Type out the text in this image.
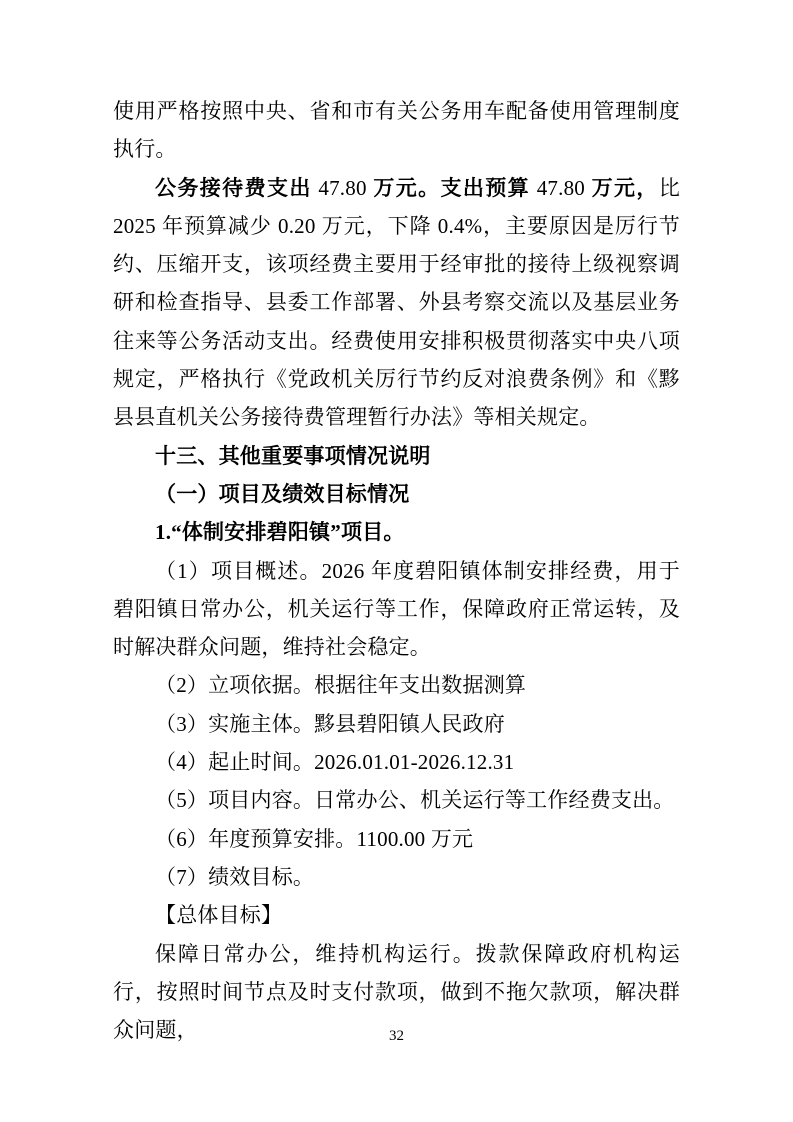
使用严格按照中央、省和市有关公务用车配备使用管理制度执行。

公务接待费支出 47.80 万元。支出预算 47.80 万元，比 2025 年预算减少 0.20 万元，下降 0.4%，主要原因是厉行节约、压缩开支，该项经费主要用于经审批的接待上级视察调研和检查指导、县委工作部署、外县考察交流以及基层业务往来等公务活动支出。经费使用安排积极贯彻落实中央八项规定，严格执行《党政机关厉行节约反对浪费条例》和《黟县县直机关公务接待费管理暂行办法》等相关规定。

十三、其他重要事项情况说明

（一）项目及绩效目标情况

1.“体制安排碧阳镇”项目。

（1）项目概述。2026 年度碧阳镇体制安排经费，用于碧阳镇日常办公，机关运行等工作，保障政府正常运转，及时解决群众问题，维持社会稳定。

（2）立项依据。根据往年支出数据测算

（3）实施主体。黟县碧阳镇人民政府

（4）起止时间。2026.01.01-2026.12.31

（5）项目内容。日常办公、机关运行等工作经费支出。

（6）年度预算安排。1100.00 万元

（7）绩效目标。

【总体目标】

保障日常办公，维持机构运行。拨款保障政府机构运行，按照时间节点及时支付款项，做到不拖欠款项，解决群众问题，	32
